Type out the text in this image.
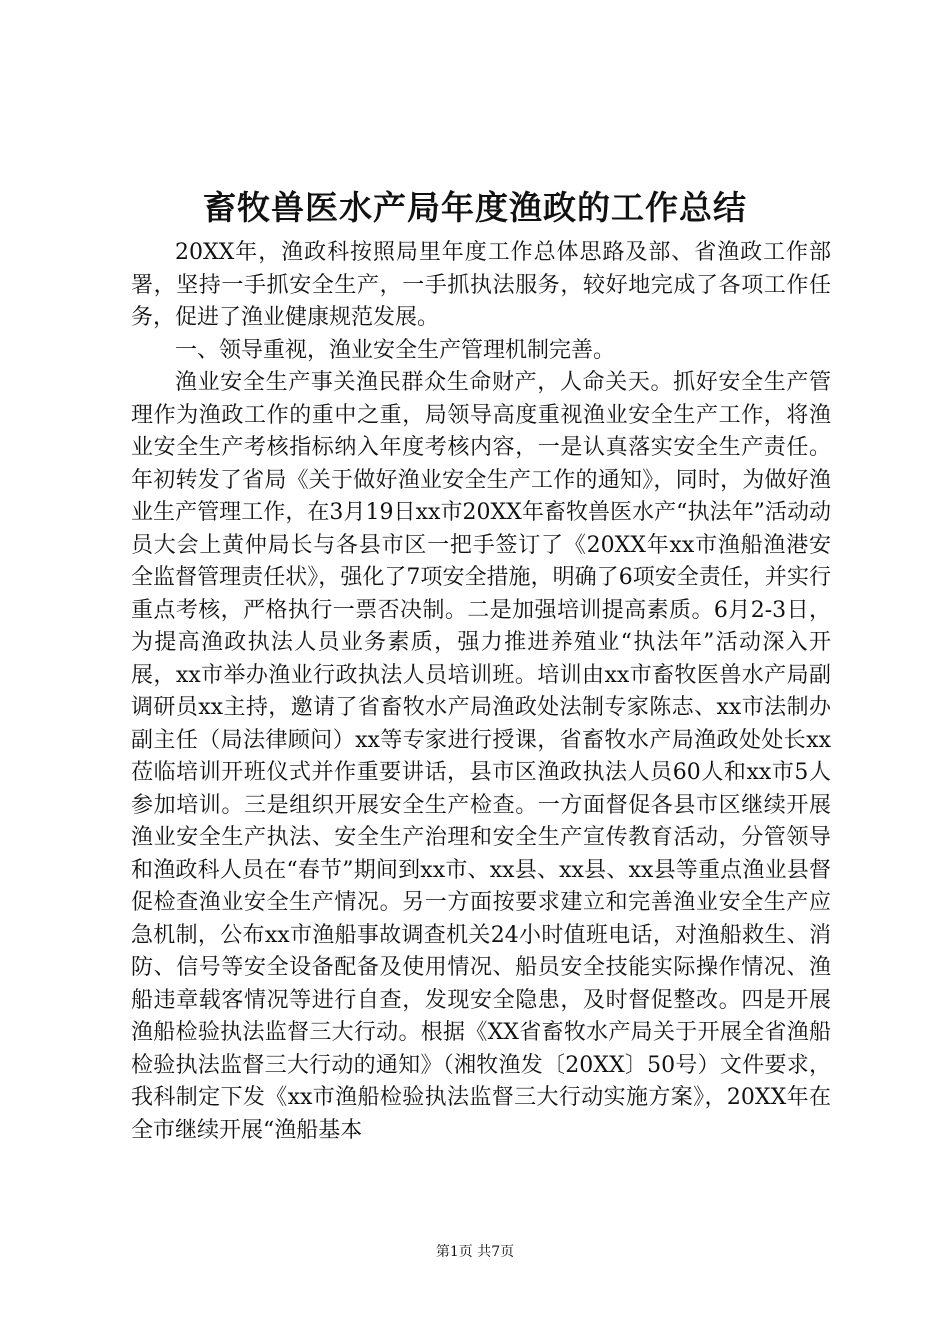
畜牧兽医水产局年度渔政的工作总结

20XX年，渔政科按照局里年度工作总体思路及部、省渔政工作部署，坚持一手抓安全生产，一手抓执法服务，较好地完成了各项工作任务，促进了渔业健康规范发展。

一、领导重视，渔业安全生产管理机制完善。

渔业安全生产事关渔民群众生命财产，人命关天。抓好安全生产管理作为渔政工作的重中之重，局领导高度重视渔业安全生产工作，将渔业安全生产考核指标纳入年度考核内容，一是认真落实安全生产责任。年初转发了省局《关于做好渔业安全生产工作的通知》，同时，为做好渔业生产管理工作，在3月19日xx市20XX年畜牧兽医水产“执法年”活动动员大会上黄仲局长与各县市区一把手签订了《20XX年xx市渔船渔港安全监督管理责任状》，强化了7项安全措施，明确了6项安全责任，并实行重点考核，严格执行一票否决制。二是加强培训提高素质。6月2-3日，为提高渔政执法人员业务素质，强力推进养殖业“执法年”活动深入开展，xx市举办渔业行政执法人员培训班。培训由xx市畜牧医兽水产局副调研员xx主持，邀请了省畜牧水产局渔政处法制专家陈志、xx市法制办副主任（局法律顾问）xx等专家进行授课，省畜牧水产局渔政处处长xx莅临培训开班仪式并作重要讲话，县市区渔政执法人员60人和xx市5人参加培训。三是组织开展安全生产检查。一方面督促各县市区继续开展渔业安全生产执法、安全生产治理和安全生产宣传教育活动，分管领导和渔政科人员在“春节”期间到xx市、xx县、xx县、xx县等重点渔业县督促检查渔业安全生产情况。另一方面按要求建立和完善渔业安全生产应急机制，公布xx市渔船事故调查机关24小时值班电话，对渔船救生、消防、信号等安全设备配备及使用情况、船员安全技能实际操作情况、渔船违章载客情况等进行自查，发现安全隐患，及时督促整改。四是开展渔船检验执法监督三大行动。根据《XX省畜牧水产局关于开展全省渔船检验执法监督三大行动的通知》（湘牧渔发〔20XX〕50号）文件要求，我科制定下发《xx市渔船检验执法监督三大行动实施方案》，20XX年在全市继续开展“渔船基本

第1页 共7页
